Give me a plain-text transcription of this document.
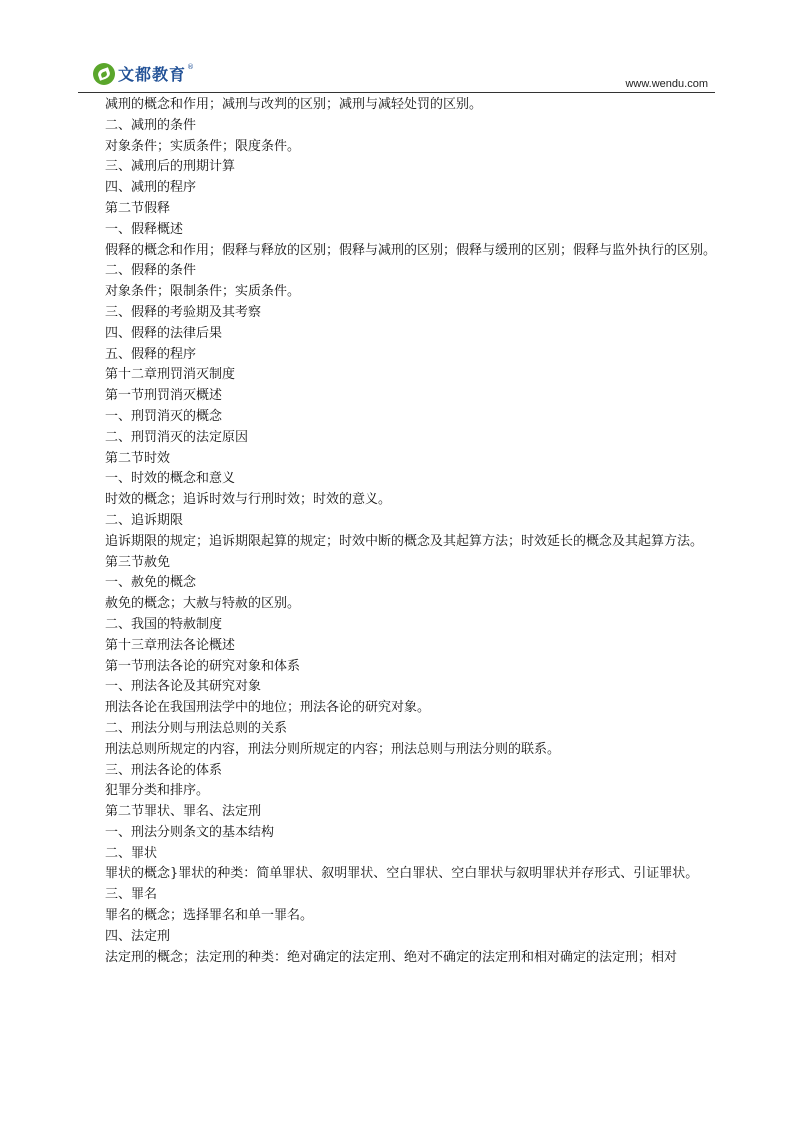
文都教育 ®
www.wendu.com

减刑的概念和作用；减刑与改判的区别；减刑与减轻处罚的区别。

二、减刑的条件

对象条件；实质条件；限度条件。

三、减刑后的刑期计算

四、减刑的程序

第二节假释

一、假释概述

假释的概念和作用；假释与释放的区别；假释与减刑的区别；假释与缓刑的区别；假释与监外执行的区别。

二、假释的条件

对象条件；限制条件；实质条件。

三、假释的考验期及其考察

四、假释的法律后果

五、假释的程序

第十二章刑罚消灭制度

第一节刑罚消灭概述

一、刑罚消灭的概念

二、刑罚消灭的法定原因

第二节时效

一、时效的概念和意义

时效的概念；追诉时效与行刑时效；时效的意义。

二、追诉期限

追诉期限的规定；追诉期限起算的规定；时效中断的概念及其起算方法；时效延长的概念及其起算方法。

第三节赦免

一、赦免的概念

赦免的概念；大赦与特赦的区别。

二、我国的特赦制度

第十三章刑法各论概述

第一节刑法各论的研究对象和体系

一、刑法各论及其研究对象

刑法各论在我国刑法学中的地位；刑法各论的研究对象。

二、刑法分则与刑法总则的关系

刑法总则所规定的内容，刑法分则所规定的内容；刑法总则与刑法分则的联系。

三、刑法各论的体系

犯罪分类和排序。

第二节罪状、罪名、法定刑

一、刑法分则条文的基本结构

二、罪状

罪状的概念}罪状的种类：简单罪状、叙明罪状、空白罪状、空白罪状与叙明罪状并存形式、引证罪状。

三、罪名

罪名的概念；选择罪名和单一罪名。

四、法定刑

法定刑的概念；法定刑的种类：绝对确定的法定刑、绝对不确定的法定刑和相对确定的法定刑；相对
